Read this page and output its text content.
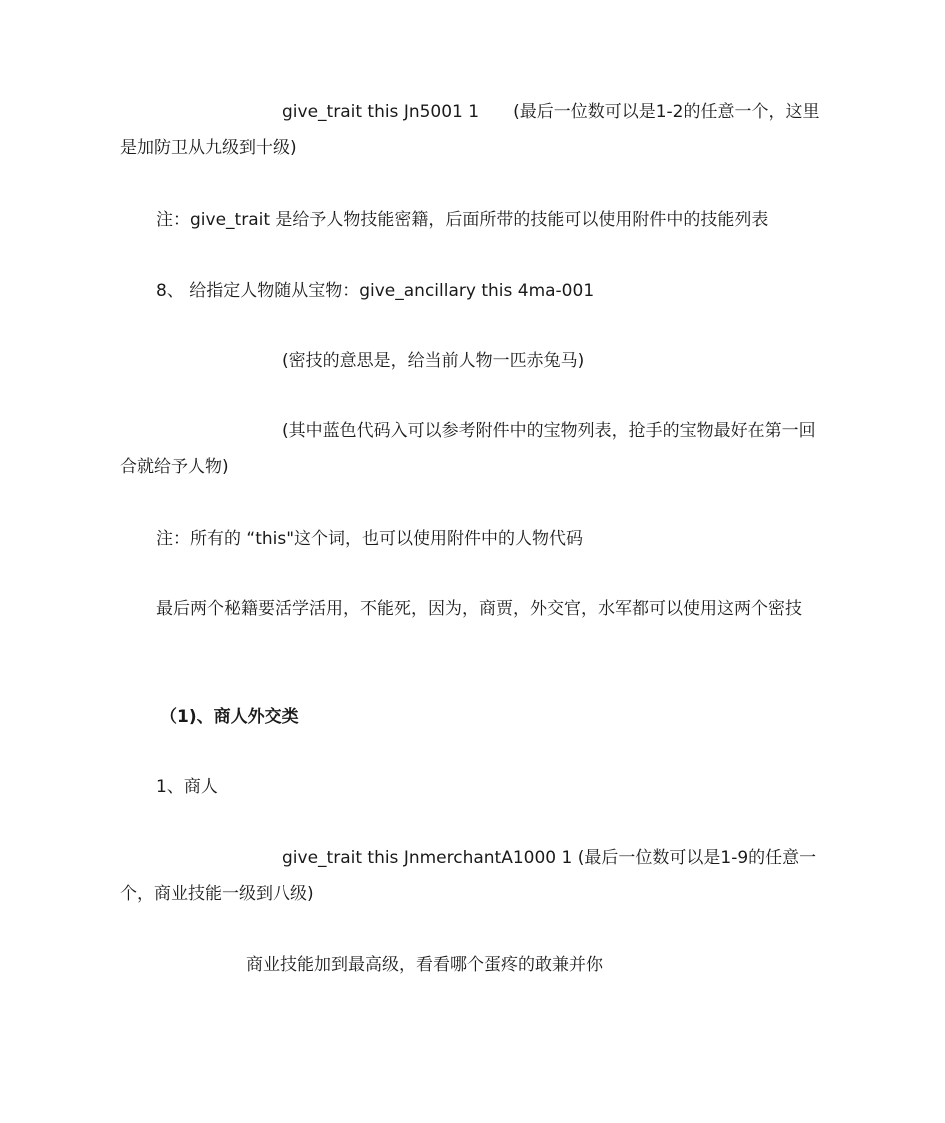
give_trait this Jn5001 1　　(最后一位数可以是1-2的任意一个，这里是加防卫从九级到十级)

注：give_trait 是给予人物技能密籍，后面所带的技能可以使用附件中的技能列表

8、 给指定人物随从宝物：give_ancillary this 4ma-001

(密技的意思是，给当前人物一匹赤兔马)

(其中蓝色代码入可以参考附件中的宝物列表，抢手的宝物最好在第一回合就给予人物)

注：所有的 “this"这个词，也可以使用附件中的人物代码

最后两个秘籍要活学活用，不能死，因为，商贾，外交官，水军都可以使用这两个密技

（1)、商人外交类

1、商人

give_trait this JnmerchantA1000 1 (最后一位数可以是1-9的任意一个，商业技能一级到八级)

商业技能加到最高级，看看哪个蛋疼的敢兼并你
